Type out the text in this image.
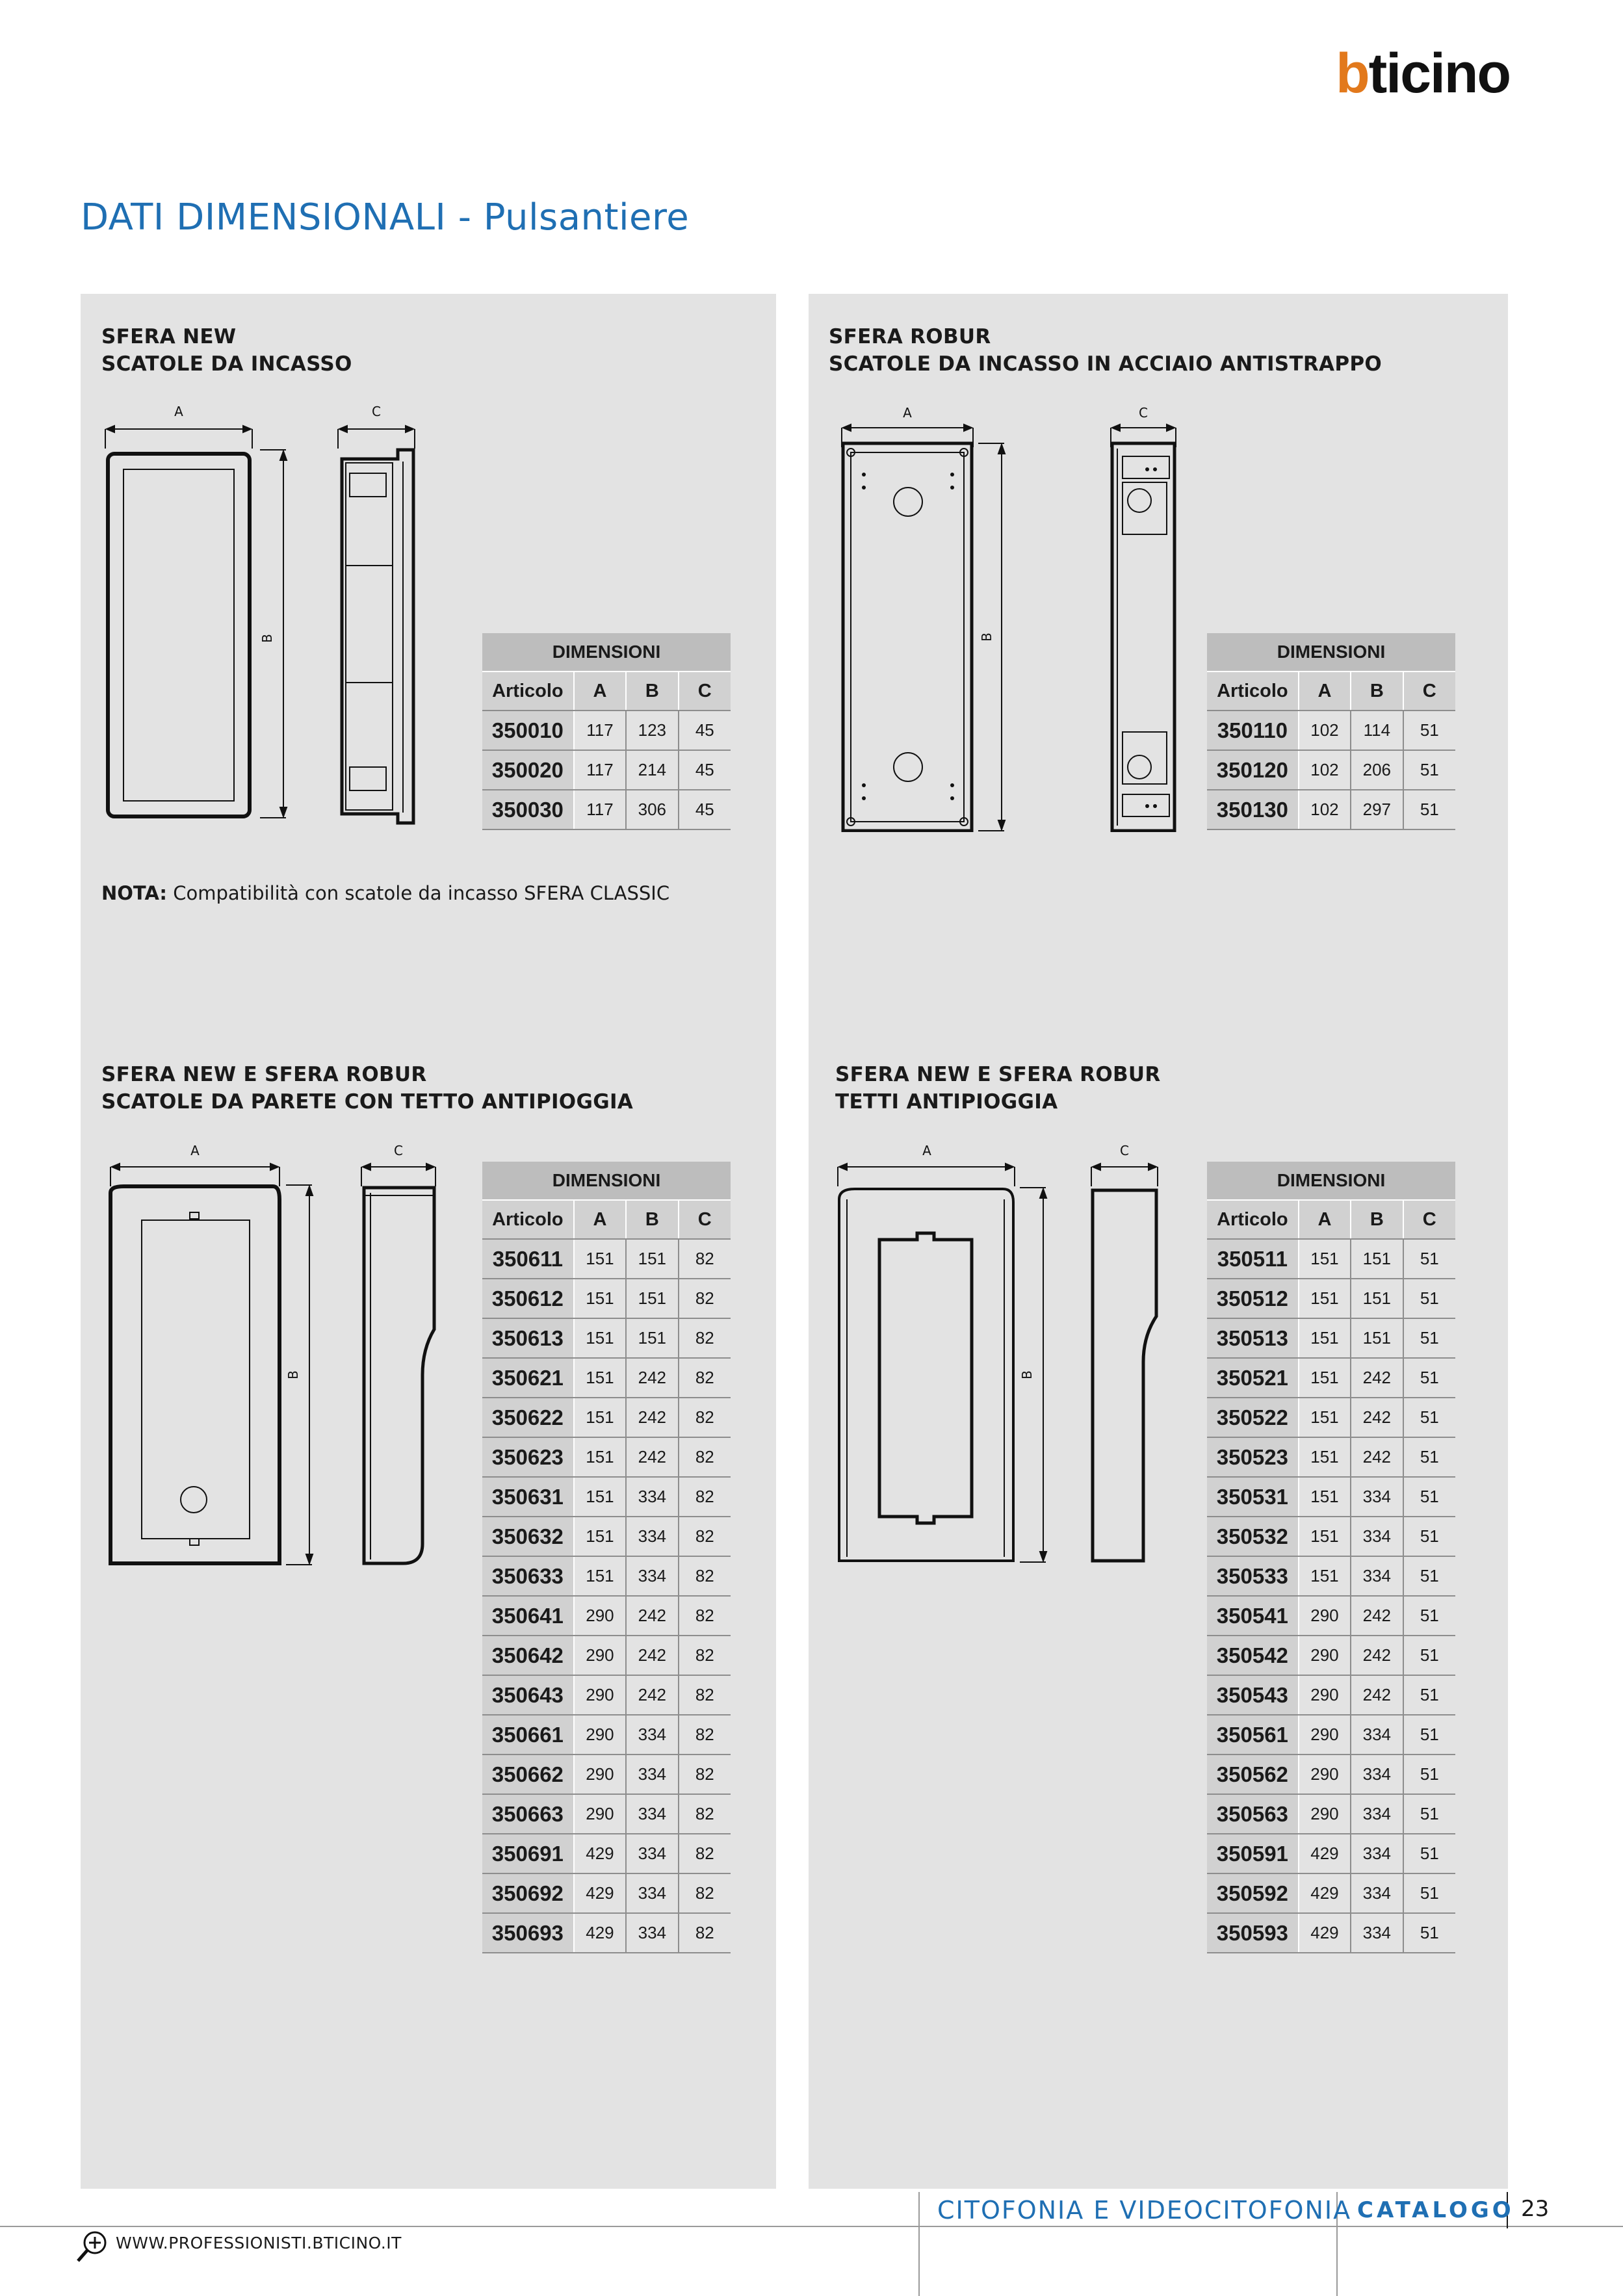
bticino
DATI DIMENSIONALI - Pulsantiere
SFERA NEW
SCATOLE DA INCASSO
SFERA ROBUR
SCATOLE DA INCASSO IN ACCIAIO ANTISTRAPPO
SFERA NEW E SFERA ROBUR
SCATOLE DA PARETE CON TETTO ANTIPIOGGIA
SFERA NEW E SFERA ROBUR
TETTI ANTIPIOGGIA
NOTA: Compatibilità con scatole da incasso SFERA CLASSIC
A
B
C	A
B
C
A
B
C	A
B
C
DIMENSIONI			
Articolo	A	B	C
350010	117	123	45
350020	117	214	45
350030	117	306	45
DIMENSIONI			
Articolo	A	B	C
350110	102	114	51
350120	102	206	51
350130	102	297	51
DIMENSIONI			
Articolo	A	B	C
350611	151	151	82
350612	151	151	82
350613	151	151	82
350621	151	242	82
350622	151	242	82
350623	151	242	82
350631	151	334	82
350632	151	334	82
350633	151	334	82
350641	290	242	82
350642	290	242	82
350643	290	242	82
350661	290	334	82
350662	290	334	82
350663	290	334	82
350691	429	334	82
350692	429	334	82
350693	429	334	82
DIMENSIONI			
Articolo	A	B	C
350511	151	151	51
350512	151	151	51
350513	151	151	51
350521	151	242	51
350522	151	242	51
350523	151	242	51
350531	151	334	51
350532	151	334	51
350533	151	334	51
350541	290	242	51
350542	290	242	51
350543	290	242	51
350561	290	334	51
350562	290	334	51
350563	290	334	51
350591	429	334	51
350592	429	334	51
350593	429	334	51
CITOFONIA E VIDEOCITOFONIA CATALOGO 23
WWW.PROFESSIONISTI.BTICINO.IT
